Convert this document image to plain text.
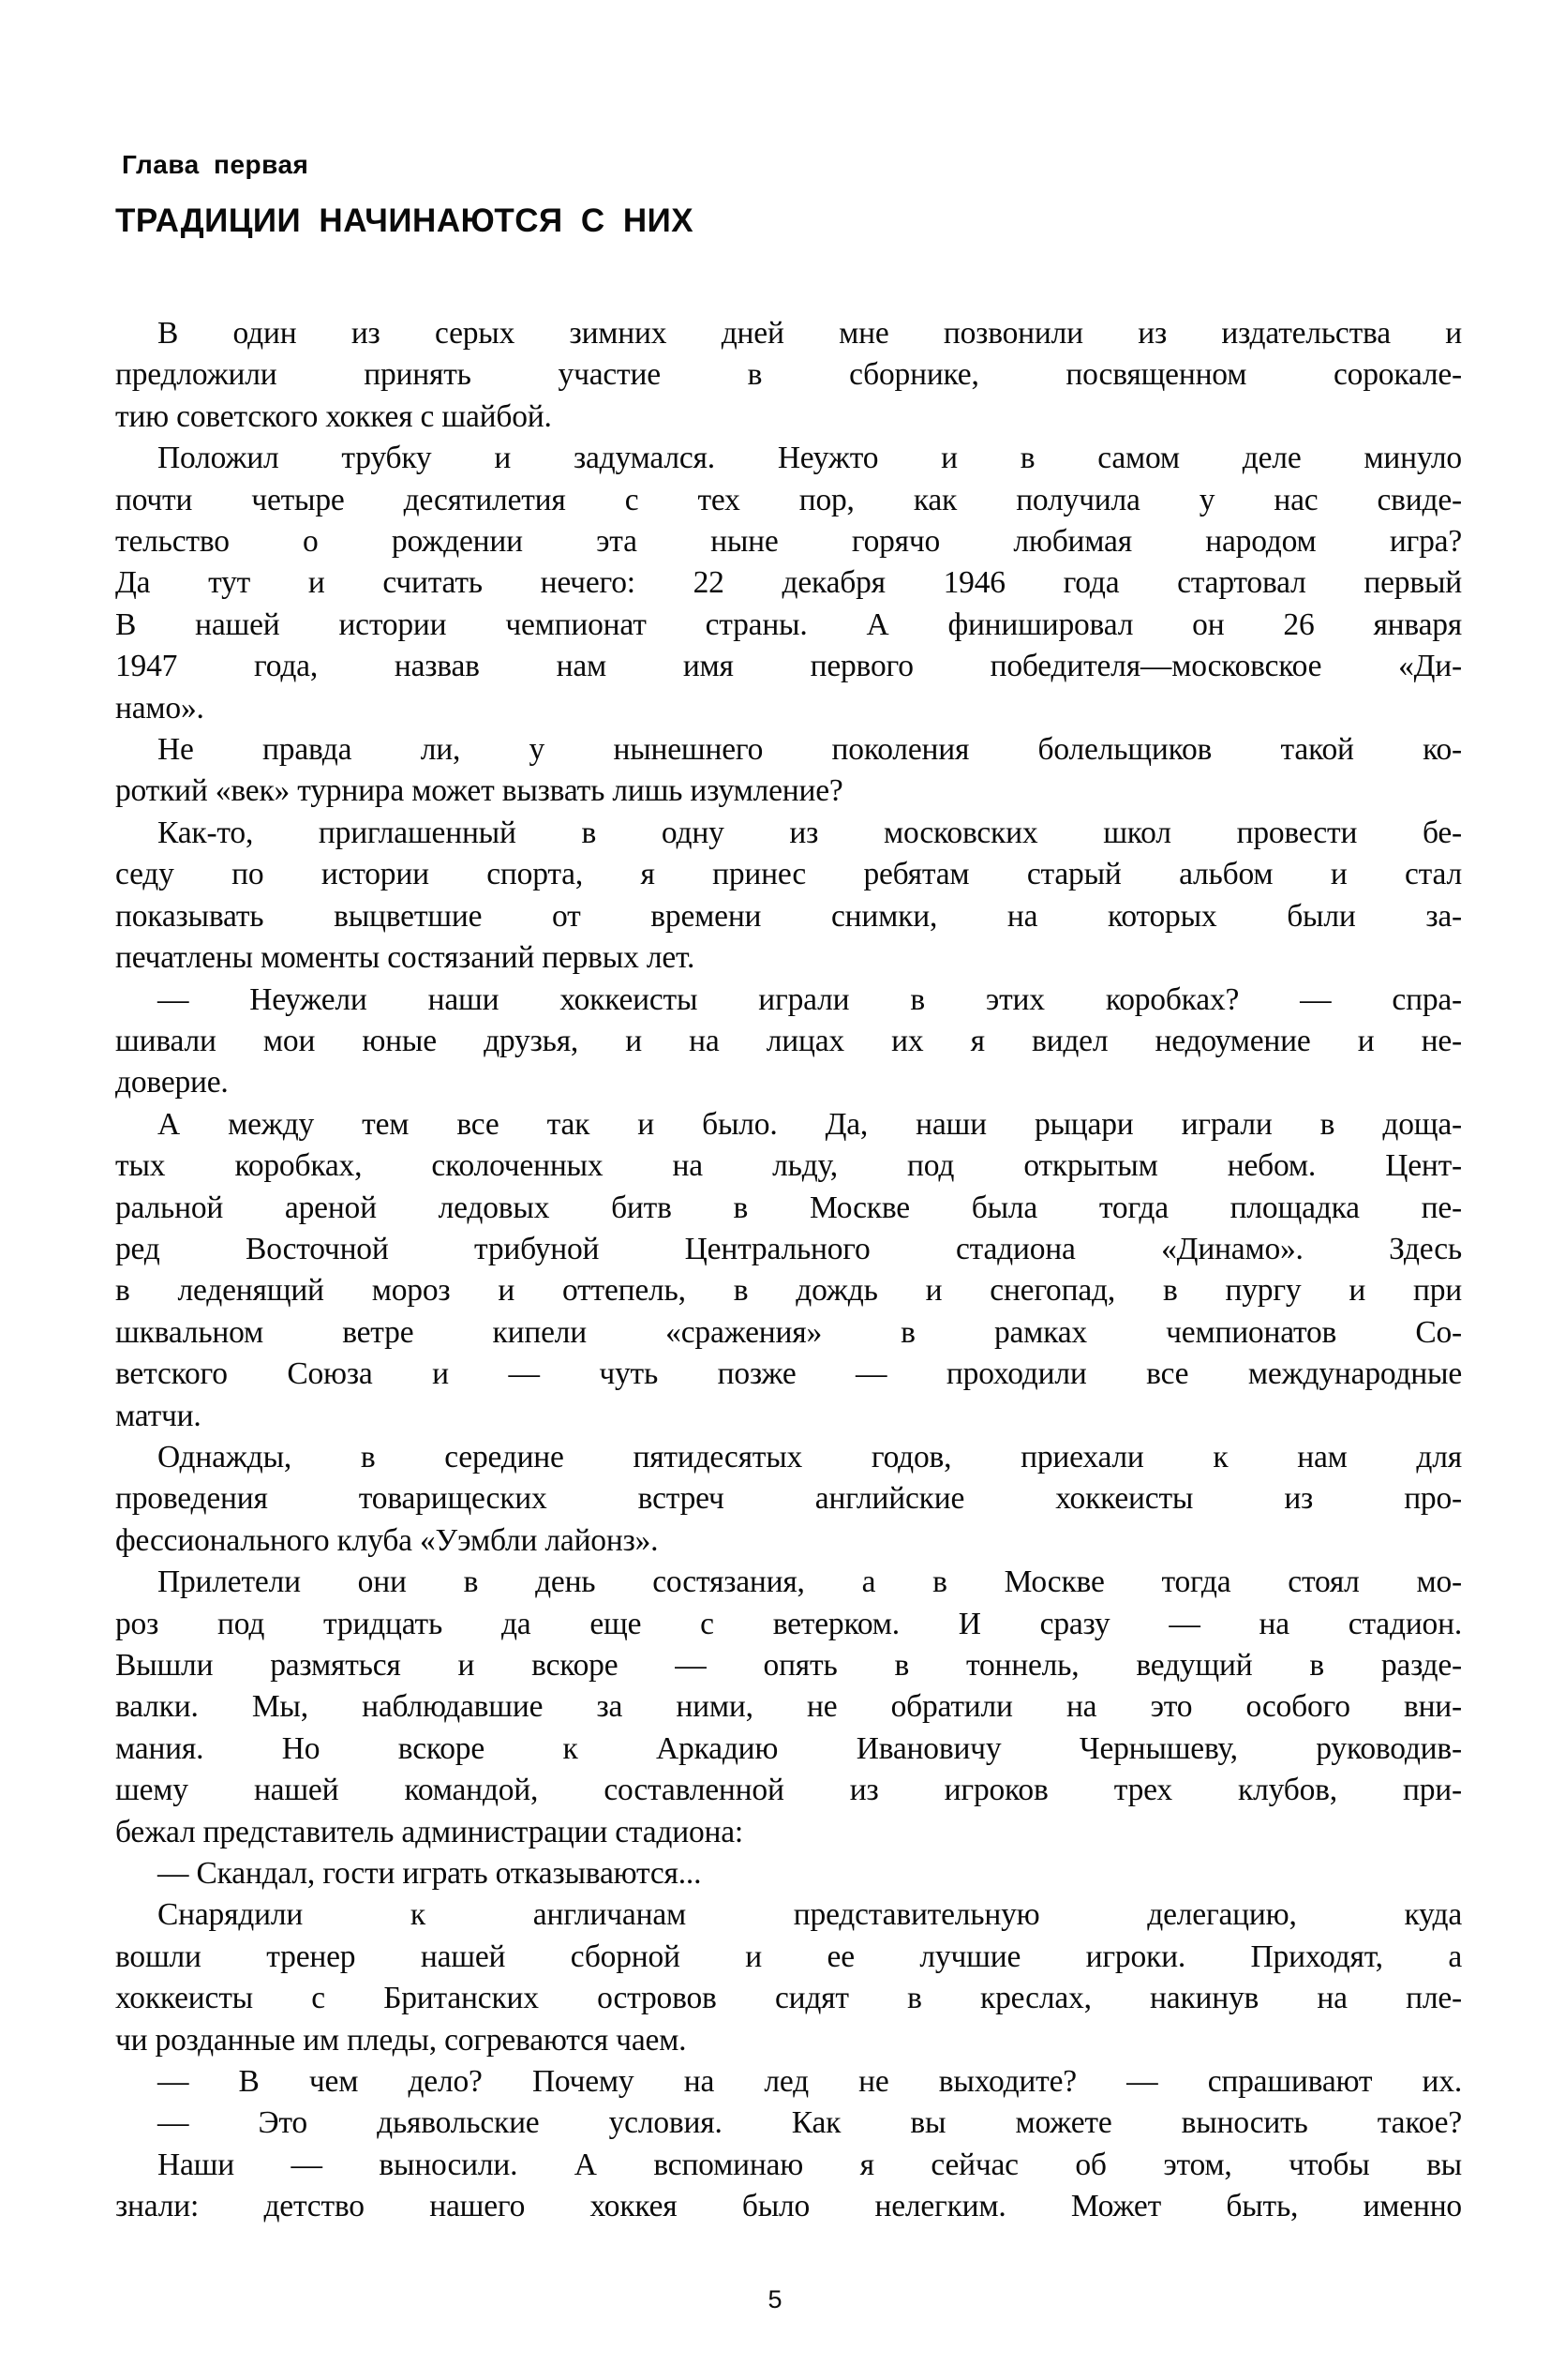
Глава первая
ТРАДИЦИИ НАЧИНАЮТСЯ С НИХ
В один из серых зимних дней мне позвонили из издательства и
предложили принять участие в сборнике, посвященном сорокале-
тию советского хоккея с шайбой.
Положил трубку и задумался. Неужто и в самом деле минуло
почти четыре десятилетия с тех пор, как получила у нас свиде-
тельство о рождении эта ныне горячо любимая народом игра?
Да тут и считать нечего: 22 декабря 1946 года стартовал первый
В нашей истории чемпионат страны. А финишировал он 26 января
1947 года, назвав нам имя первого победителя—московское «Ди-
намо».
Не правда ли, у нынешнего поколения болельщиков такой ко-
роткий «век» турнира может вызвать лишь изумление?
Как-то, приглашенный в одну из московских школ провести бе-
седу по истории спорта, я принес ребятам старый альбом и стал
показывать выцветшие от времени снимки, на которых были за-
печатлены моменты состязаний первых лет.
— Неужели наши хоккеисты играли в этих коробках? — спра-
шивали мои юные друзья, и на лицах их я видел недоумение и не-
доверие.
А между тем все так и было. Да, наши рыцари играли в доща-
тых коробках, сколоченных на льду, под открытым небом. Цент-
ральной ареной ледовых битв в Москве была тогда площадка пе-
ред Восточной трибуной Центрального стадиона «Динамо». Здесь
в леденящий мороз и оттепель, в дождь и снегопад, в пургу и при
шквальном ветре кипели «сражения» в рамках чемпионатов Со-
ветского Союза и — чуть позже — проходили все международные
матчи.
Однажды, в середине пятидесятых годов, приехали к нам для
проведения товарищеских встреч английские хоккеисты из про-
фессионального клуба «Уэмбли лайонз».
Прилетели они в день состязания, а в Москве тогда стоял мо-
роз под тридцать да еще с ветерком. И сразу — на стадион.
Вышли размяться и вскоре — опять в тоннель, ведущий в разде-
валки. Мы, наблюдавшие за ними, не обратили на это особого вни-
мания. Но вскоре к Аркадию Ивановичу Чернышеву, руководив-
шему нашей командой, составленной из игроков трех клубов, при-
бежал представитель администрации стадиона:
— Скандал, гости играть отказываются...
Снарядили к англичанам представительную делегацию, куда
вошли тренер нашей сборной и ее лучшие игроки. Приходят, а
хоккеисты с Британских островов сидят в креслах, накинув на пле-
чи розданные им пледы, согреваются чаем.
— В чем дело? Почему на лед не выходите? — спрашивают их.
— Это дьявольские условия. Как вы можете выносить такое?
Наши — выносили. А вспоминаю я сейчас об этом, чтобы вы
знали: детство нашего хоккея было нелегким. Может быть, именно
5
